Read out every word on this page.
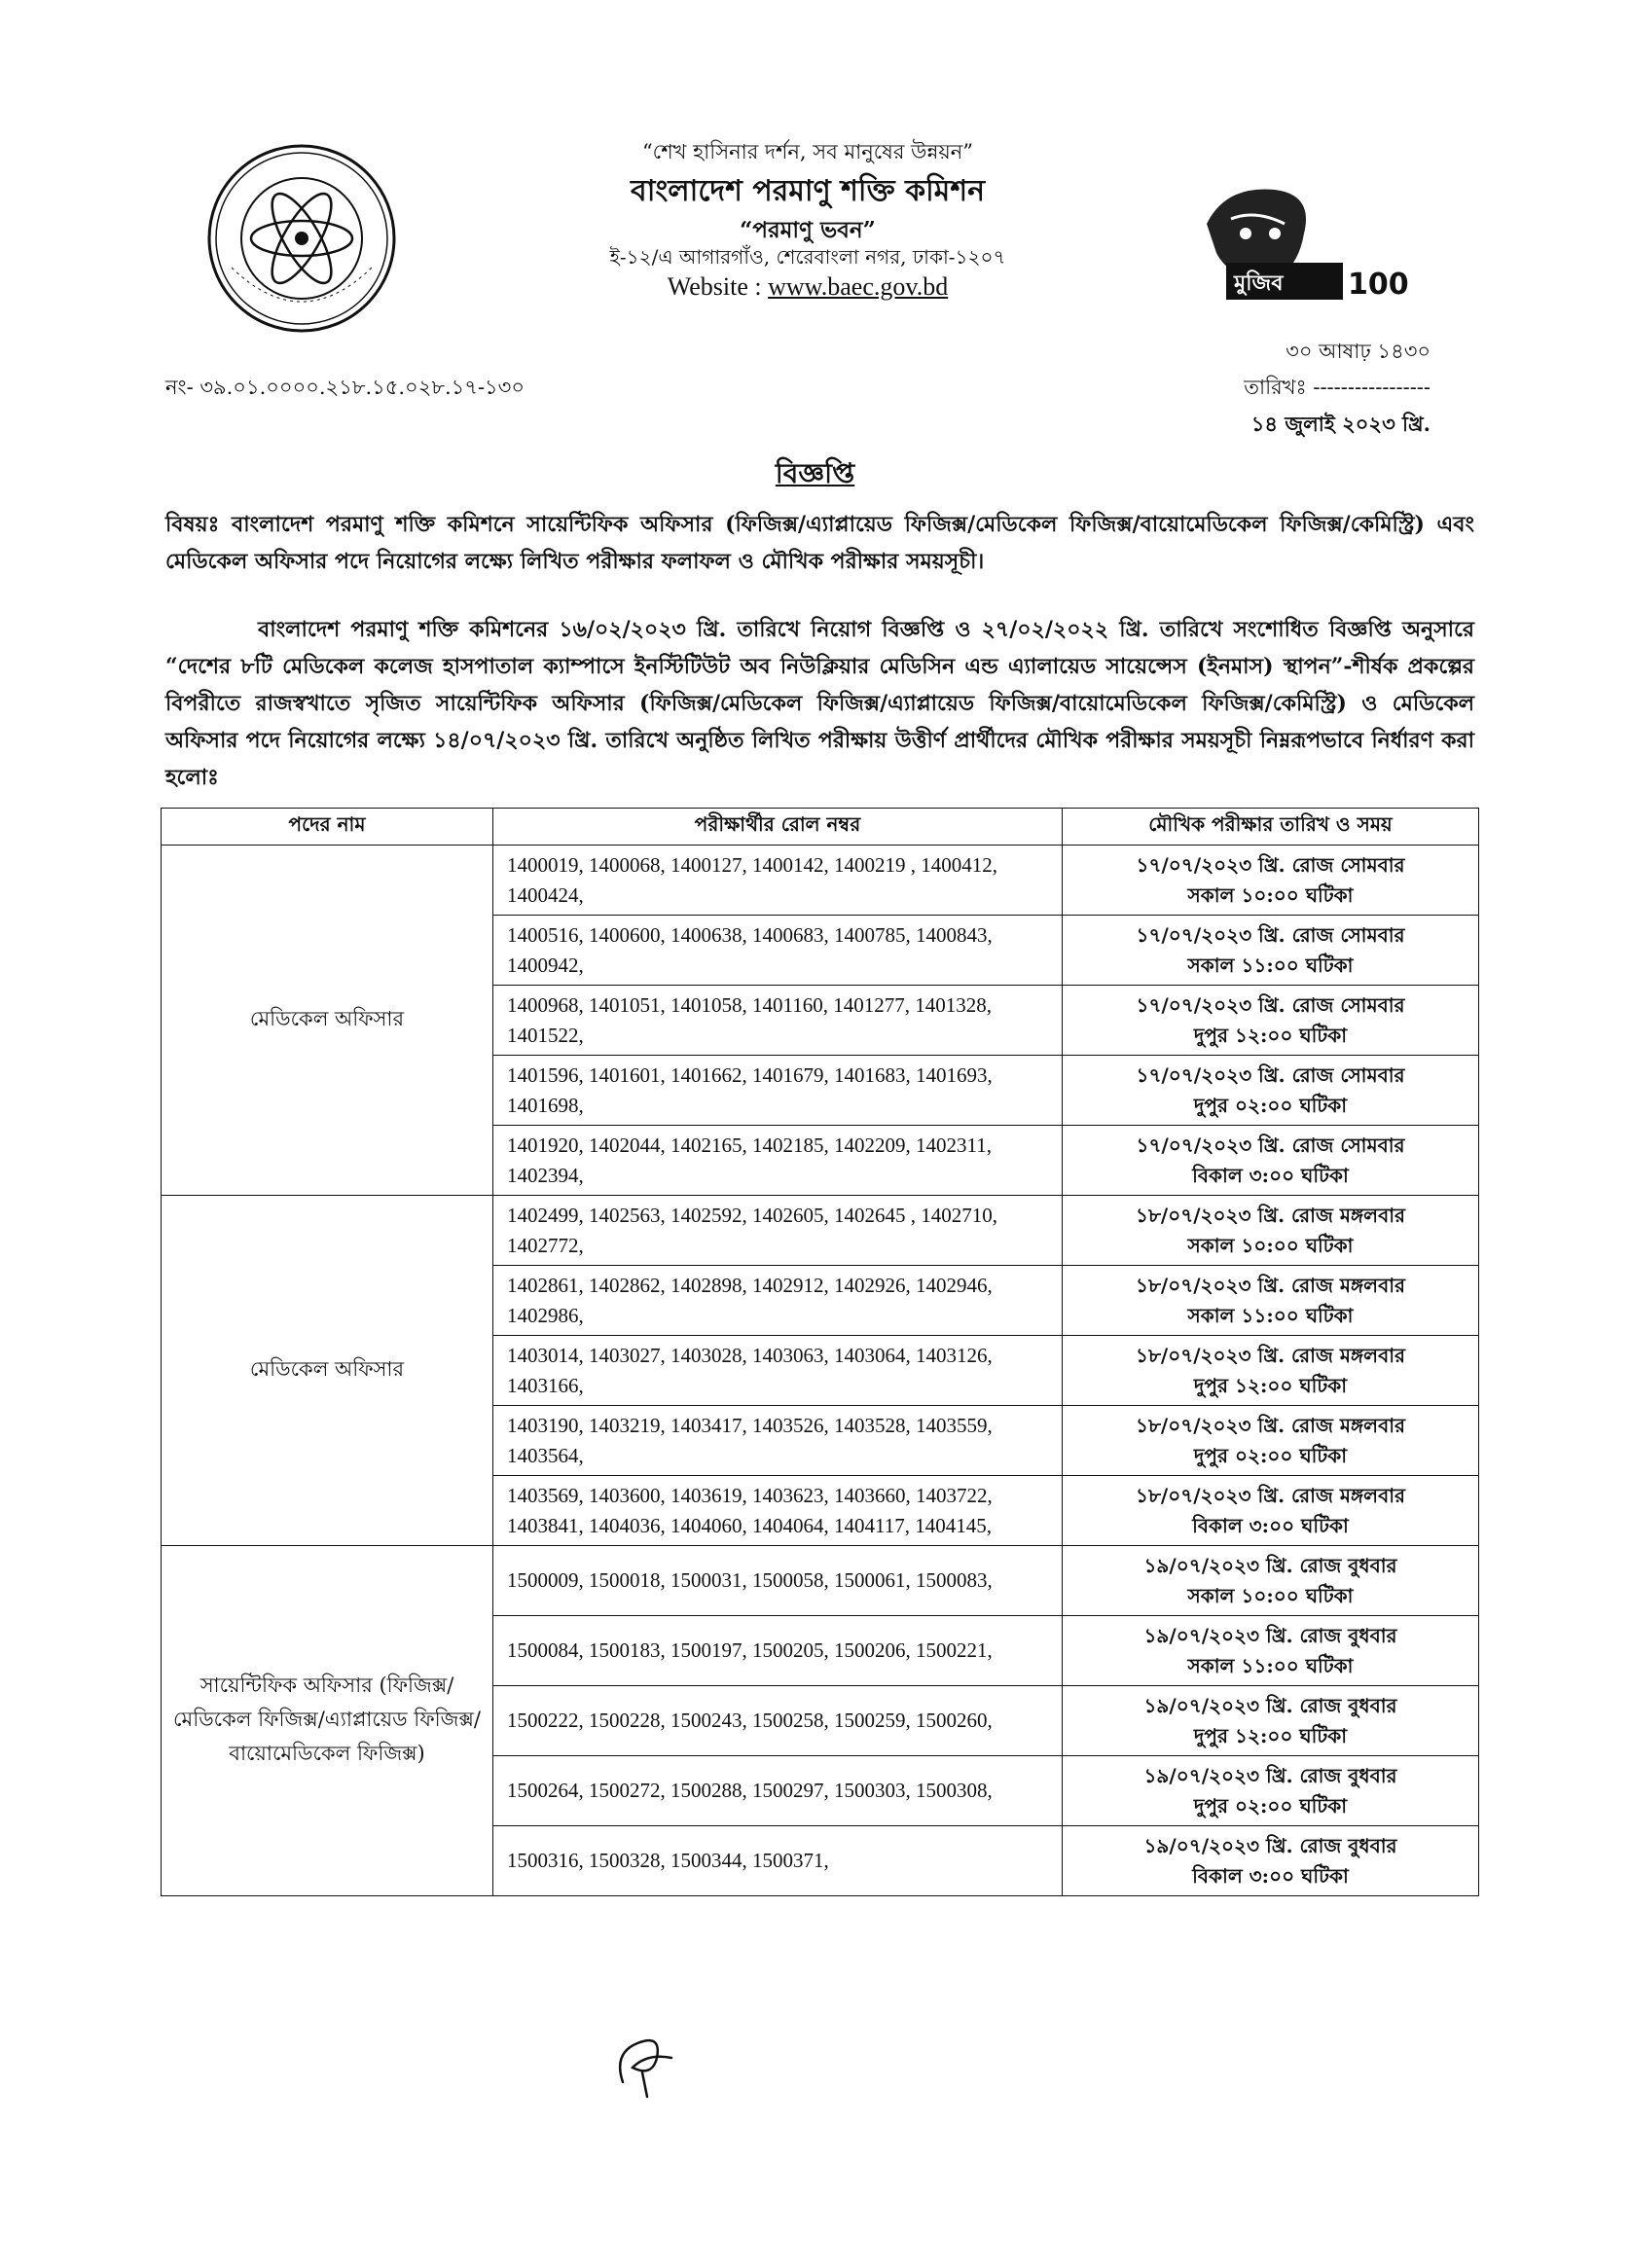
“শেখ হাসিনার দর্শন, সব মানুষের উন্নয়ন”
বাংলাদেশ পরমাণু শক্তি কমিশন
“পরমাণু ভবন”
ই-১২/এ আগারগাঁও, শেরেবাংলা নগর, ঢাকা-১২০৭
Website : www.baec.gov.bd	মুজিব 100
নং- ৩৯.০১.০০০০.২১৮.১৫.০২৮.১৭-১৩০
৩০ আষাঢ় ১৪৩০
তারিখঃ -----------------
১৪ জুলাই ২০২৩ খ্রি.
বিজ্ঞপ্তি
বিষয়ঃ বাংলাদেশ পরমাণু শক্তি কমিশনে সায়েন্টিফিক অফিসার (ফিজিক্স/এ্যাপ্লায়েড ফিজিক্স/মেডিকেল ফিজিক্স/বায়োমেডিকেল ফিজিক্স/কেমিস্ট্রি) এবং মেডিকেল অফিসার পদে নিয়োগের লক্ষ্যে লিখিত পরীক্ষার ফলাফল ও মৌখিক পরীক্ষার সময়সূচী।
বাংলাদেশ পরমাণু শক্তি কমিশনের ১৬/০২/২০২৩ খ্রি. তারিখে নিয়োগ বিজ্ঞপ্তি ও ২৭/০২/২০২২ খ্রি. তারিখে সংশোধিত বিজ্ঞপ্তি অনুসারে “দেশের ৮টি মেডিকেল কলেজ হাসপাতাল ক্যাম্পাসে ইনস্টিটিউট অব নিউক্লিয়ার মেডিসিন এন্ড এ্যালায়েড সায়েন্সেস (ইনমাস) স্থাপন”-শীর্ষক প্রকল্পের বিপরীতে রাজস্বখাতে সৃজিত সায়েন্টিফিক অফিসার (ফিজিক্স/মেডিকেল ফিজিক্স/এ্যাপ্লায়েড ফিজিক্স/বায়োমেডিকেল ফিজিক্স/কেমিস্ট্রি) ও মেডিকেল অফিসার পদে নিয়োগের লক্ষ্যে ১৪/০৭/২০২৩ খ্রি. তারিখে অনুষ্ঠিত লিখিত পরীক্ষায় উত্তীর্ণ প্রার্থীদের মৌখিক পরীক্ষার সময়সূচী নিম্নরূপভাবে নির্ধারণ করা হলোঃ
পদের নাম	পরীক্ষার্থীর রোল নম্বর	মৌখিক পরীক্ষার তারিখ ও সময়
মেডিকেল অফিসার	1400019, 1400068, 1400127, 1400142, 1400219 , 1400412, 1400424,	১৭/০৭/২০২৩ খ্রি. রোজ সোমবার
সকাল ১০:০০ ঘটিকা

	1400516, 1400600, 1400638, 1400683, 1400785, 1400843, 1400942,	১৭/০৭/২০২৩ খ্রি. রোজ সোমবার
সকাল ১১:০০ ঘটিকা

	1400968, 1401051, 1401058, 1401160, 1401277, 1401328, 1401522,	১৭/০৭/২০২৩ খ্রি. রোজ সোমবার
দুপুর ১২:০০ ঘটিকা

	1401596, 1401601, 1401662, 1401679, 1401683, 1401693, 1401698,	১৭/০৭/২০২৩ খ্রি. রোজ সোমবার
দুপুর ০২:০০ ঘটিকা

	1401920, 1402044, 1402165, 1402185, 1402209, 1402311, 1402394,	১৭/০৭/২০২৩ খ্রি. রোজ সোমবার
বিকাল ৩:০০ ঘটিকা

মেডিকেল অফিসার	1402499, 1402563, 1402592, 1402605, 1402645 , 1402710, 1402772,	১৮/০৭/২০২৩ খ্রি. রোজ মঙ্গলবার
সকাল ১০:০০ ঘটিকা

	1402861, 1402862, 1402898, 1402912, 1402926, 1402946, 1402986,	১৮/০৭/২০২৩ খ্রি. রোজ মঙ্গলবার
সকাল ১১:০০ ঘটিকা

	1403014, 1403027, 1403028, 1403063, 1403064, 1403126, 1403166,	১৮/০৭/২০২৩ খ্রি. রোজ মঙ্গলবার
দুপুর ১২:০০ ঘটিকা

	1403190, 1403219, 1403417, 1403526, 1403528, 1403559, 1403564,	১৮/০৭/২০২৩ খ্রি. রোজ মঙ্গলবার
দুপুর ০২:০০ ঘটিকা

	1403569, 1403600, 1403619, 1403623, 1403660, 1403722, 1403841, 1404036, 1404060, 1404064, 1404117, 1404145,	১৮/০৭/২০২৩ খ্রি. রোজ মঙ্গলবার
বিকাল ৩:০০ ঘটিকা

সায়েন্টিফিক অফিসার (ফিজিক্স/মেডিকেল ফিজিক্স/এ্যাপ্লায়েড ফিজিক্স/বায়োমেডিকেল ফিজিক্স)	1500009, 1500018, 1500031, 1500058, 1500061, 1500083,	১৯/০৭/২০২৩ খ্রি. রোজ বুধবার
সকাল ১০:০০ ঘটিকা

	1500084, 1500183, 1500197, 1500205, 1500206, 1500221,	১৯/০৭/২০২৩ খ্রি. রোজ বুধবার
সকাল ১১:০০ ঘটিকা

	1500222, 1500228, 1500243, 1500258, 1500259, 1500260,	১৯/০৭/২০২৩ খ্রি. রোজ বুধবার
দুপুর ১২:০০ ঘটিকা

	1500264, 1500272, 1500288, 1500297, 1500303, 1500308,	১৯/০৭/২০২৩ খ্রি. রোজ বুধবার
দুপুর ০২:০০ ঘটিকা

	1500316, 1500328, 1500344, 1500371,	১৯/০৭/২০২৩ খ্রি. রোজ বুধবার
বিকাল ৩:০০ ঘটিকা
